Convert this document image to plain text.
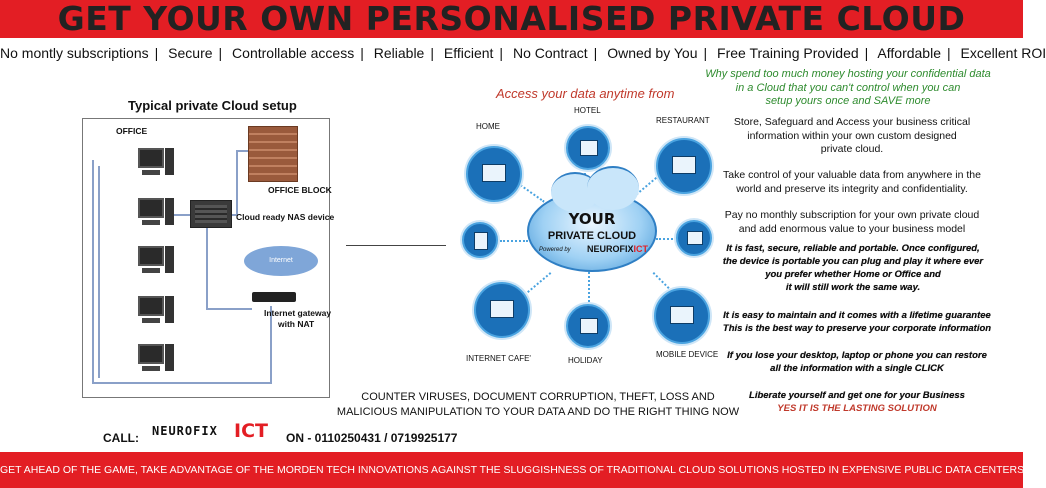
GET YOUR OWN PERSONALISED PRIVATE CLOUD
No montly subscriptions | Secure | Controllable access | Reliable | Efficient | No Contract | Owned by You | Free Training Provided | Affordable | Excellent ROI
Typical private Cloud setup
OFFICE
OFFICE BLOCK
Cloud ready NAS device
Internet
Internet gateway
with NAT
Access your data anytime from
HOME
HOTEL
RESTAURANT
INTERNET CAFE'	HOLIDAY
MOBILE DEVICE
YOUR
PRIVATE CLOUD
Powered by NEUROFIXICT
Why spend too much money hosting your confidential data
in a Cloud that you can't control when you can
setup yours once and SAVE more
Store, Safeguard and Access your business critical
information within your own custom designed
private cloud.
Take control of your valuable data from anywhere in the
world and preserve its integrity and confidentiality.
Pay no monthly subscription for your own private cloud
and add enormous value to your business model
It is fast, secure, reliable and portable. Once configured,
the device is portable you can plug and play it where ever
you prefer whether Home or Office and
it will still work the same way.
It is easy to maintain and it comes with a lifetime guarantee
This is the best way to preserve your corporate information
If you lose your desktop, laptop or phone you can restore
all the information with a single CLICK
Liberate yourself and get one for your Business
YES IT IS THE LASTING SOLUTION
COUNTER VIRUSES, DOCUMENT CORRUPTION, THEFT, LOSS AND
MALICIOUS MANIPULATION TO YOUR DATA AND DO THE RIGHT THING NOW
CALL: NEUROFIX ICT ON - 0110250431 / 0719925177
GET AHEAD OF THE GAME, TAKE ADVANTAGE OF THE MORDEN TECH INNOVATIONS AGAINST THE SLUGGISHNESS OF TRADITIONAL CLOUD SOLUTIONS HOSTED IN EXPENSIVE PUBLIC DATA CENTERS
